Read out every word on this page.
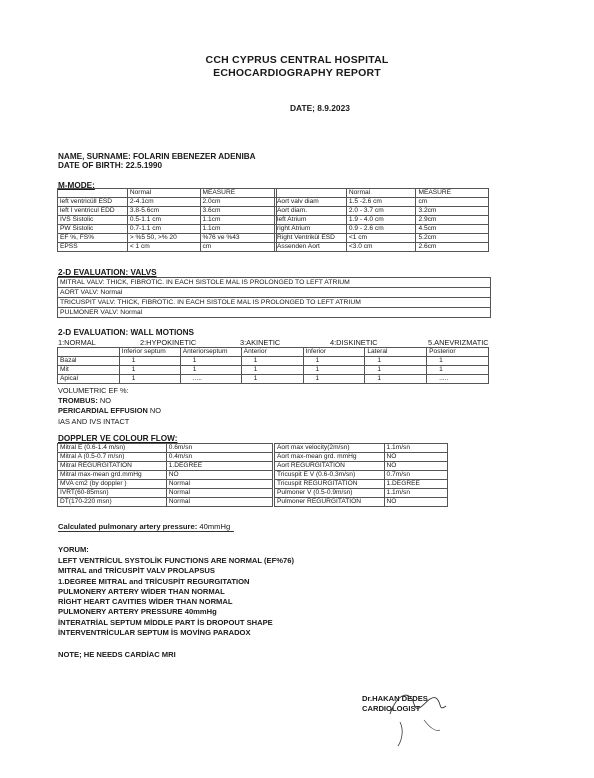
CCH CYPRUS CENTRAL HOSPITAL
ECHOCARDIOGRAPHY REPORT
DATE; 8.9.2023
NAME, SURNAME: FOLARIN EBENEZER ADENIBA
DATE OF BIRTH: 22.5.1990
M-MODE:
	Normal	MEASURE
left ventricüll ESD	2-4.1cm	2.0cm
left I ventricul EDD	3.8-5.6cm	3.6cm
IVS Sistolic	0.5-1.1 cm	1.1cm
PW Sistolic	0.7-1.1 cm	1.1cm
EF %, FS%	> %5 50, >% 20	%76 ve %43
EPSS	< 1 cm	cm
	Normal	MEASURE
Aort valv diam	1.5 -2.6 cm	cm
Aort diam.	2.0 - 3.7 cm	3.2cm
left Atrium	1.9 - 4.0 cm	2.9cm
right Atrium	0.9 - 2.6 cm	4.5cm
Right Ventrikül ESD	<1 cm	5.2cm
Assenden Aort	<3.0 cm	2.6cm
2-D EVALUATION: VALVS
MITRAL VALV: THICK, FIBROTIC. IN EACH SISTOLE MAL IS PROLONGED TO LEFT ATRIUM
AORT VALV: Normal
TRICUSPIT VALV: THICK, FIBROTIC. IN EACH SISTOLE MAL IS PROLONGED TO LEFT ATRIUM
PULMONER VALV: Normal
2-D EVALUATION: WALL MOTIONS
1:NORMAL	2:HYPOKINETIC	3:AKINETIC	4:DISKINETIC	5.ANEVRIZMATIC
	Inferior septum	Anteriorseptum	Anterior	Inferior	Lateral	Posterior
Bazal	1	1	1	1	1	1
Mit	1	1	1	1	1	1
Apical	1	.....	1	1	1	.....
VOLUMETRIC EF %:
TROMBUS: NO
PERICARDIAL EFFUSION NO
IAS AND IVS INTACT
DOPPLER VE COLOUR FLOW:
Mitral E (0.6-1.4 m/sn)	0.6m/sn
Mitral A (0.5-0.7 m/sn)	0.4m/sn
Mitral REGURGITATION	1.DEGREE
Mitral max-mean grd.mmHg	NO
MVA cm2 (by doppler )	Normal
IVRT(60-85msn)	Normal
DT(170-220 msn)	Normal
Aort max velocity(2m/sn)	1.1m/sn
Aort max-mean grd. mmHg	NO
Aort REGURGITATION	NO
Tricuspit E V (0.6-0.3m/sn)	0.7m/sn
Tricuspit REGURGITATION	1.DEGREE
Pulmoner V (0.5-0.9m/sn)	1.1m/sn
Pulmoner REGURGITATION	NO
Calculated pulmonary artery pressure: 40mmHg
YORUM:
LEFT VENTRİCUL SYSTOLİK FUNCTIONS ARE NORMAL (EF%76)
MITRAL and TRİCUSPİT VALV PROLAPSUS
1.DEGREE MITRAL and TRİCUSPİT REGURGITATION
PULMONERY ARTERY WİDER THAN NORMAL
RİGHT HEART CAVITIES WİDER THAN NORMAL
PULMONERY ARTERY PRESSURE 40mmHg
İNTERATRİAL SEPTUM MİDDLE PART İS DROPOUT SHAPE
İNTERVENTRİCULAR SEPTUM İS MOVİNG PARADOX
NOTE; HE NEEDS CARDİAC MRI
Dr.HAKAN DEDES
CARDIOLOGIST
